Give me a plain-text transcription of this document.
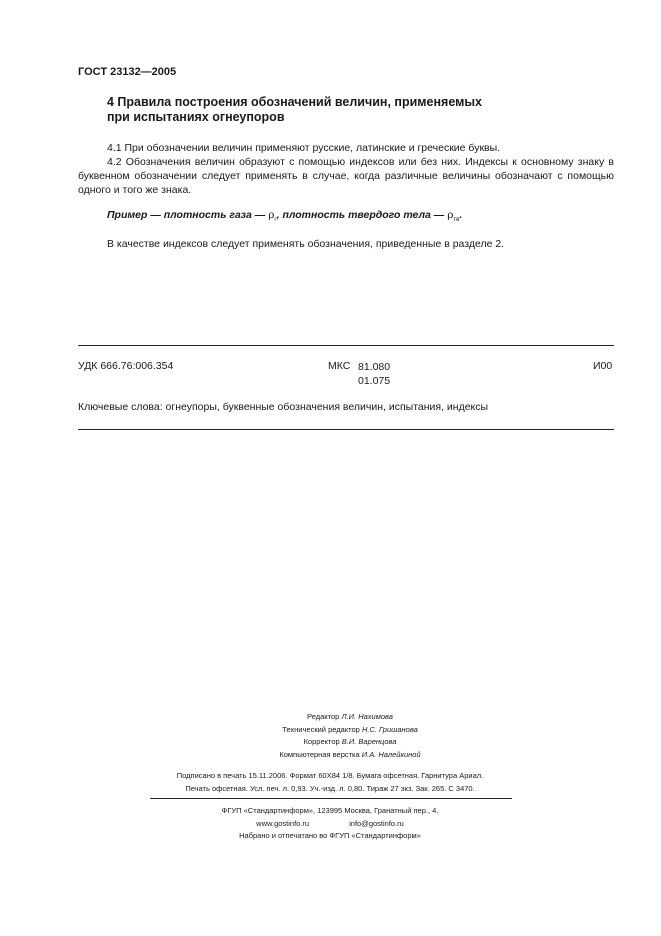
ГОСТ 23132—2005
4 Правила построения обозначений величин, применяемых
при испытаниях огнеупоров
4.1 При обозначении величин применяют русские, латинские и греческие буквы.
4.2 Обозначения величин образуют с помощью индексов или без них. Индексы к основному знаку в буквенном обозначении следует применять в случае, когда различные величины обозначают с помощью одного и того же знака.
Пример — плотность газа — $\rho_г$, плотность твердого тела — $\rho_{тв}$.
В качестве индексов следует применять обозначения, приведенные в разделе 2.
УДК 666.76:006.354	МКС 81.080
01.075
И00
Ключевые слова: огнеупоры, буквенные обозначения величин, испытания, индексы
Редактор Л.И. Нахимова
Технический редактор Н.С. Гришанова
Корректор В.И. Варенцова
Компьютерная верстка И.А. Налейкиной
Подписано в печать 15.11.2006. Формат 60Х84 1/8. Бумага офсетная. Гарнитура Ариал.
Печать офсетная. Усл. печ. л. 0,93. Уч.-изд. л. 0,80. Тираж 27 экз. Зак. 265. С 3470.
ФГУП «Стандартинформ», 123995 Москва, Гранатный пер., 4.
www.gostinfo.ru	info@gostinfo.ru
Набрано и отпечатано во ФГУП «Стандартинформ»
